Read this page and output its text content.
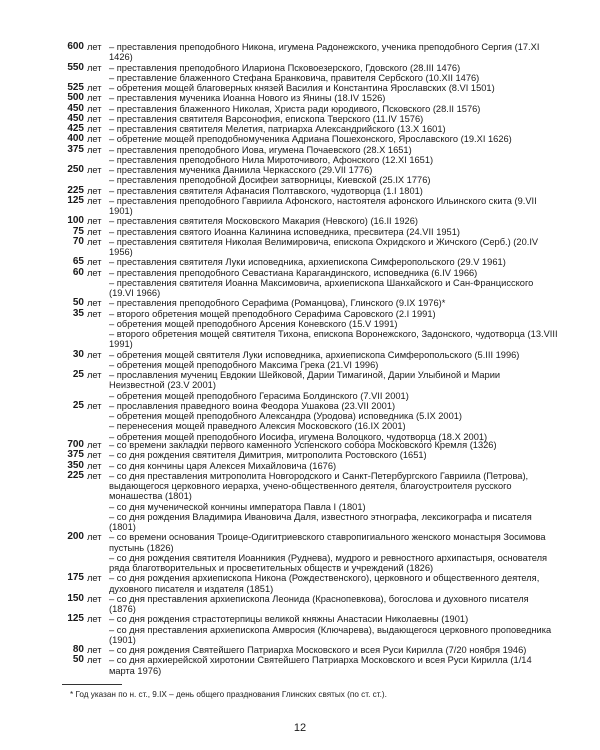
600 лет – преставления преподобного Никона, игумена Радонежского, ученика преподобного Сергия (17.XI 1426)
550 лет – преставления преподобного Илариона Псковоезерского, Гдовского (28.III 1476)
– преставление блаженного Стефана Бранковича, правителя Сербского (10.XII 1476)
525 лет – обретения мощей благоверных князей Василия и Константина Ярославских (8.VI 1501)
500 лет – преставления мученика Иоанна Нового из Янины (18.IV 1526)
450 лет – преставления блаженного Николая, Христа ради юродивого, Псковского (28.II 1576)
450 лет – преставления святителя Варсонофия, епископа Тверского (11.IV 1576)
425 лет – преставления святителя Мелетия, патриарха Александрийского (13.X 1601)
400 лет – обретение мощей преподобномученика Адриана Пошехонского, Ярославского (19.XI 1626)
375 лет – преставления преподобного Иова, игумена Почаевского (28.X 1651)
– преставления преподобного Нила Мироточивого, Афонского (12.XI 1651)
250 лет – преставления мученика Даниила Черкасского (29.VII 1776)
– преставления преподобной Досифеи затворницы, Киевской (25.IX 1776)
225 лет – преставления святителя Афанасия Полтавского, чудотворца (1.I 1801)
125 лет – преставления преподобного Гавриила Афонского, настоятеля афонского Ильинского скита (9.VII 1901)
100 лет – преставления святителя Московского Макария (Невского) (16.II 1926)
75 лет – преставления святого Иоанна Калинина исповедника, пресвитера (24.VII 1951)
70 лет – преставления святителя Николая Велимировича, епископа Охридского и Жичского (Серб.) (20.IV 1956)
65 лет – преставления святителя Луки исповедника, архиепископа Симферопольского (29.V 1961)
60 лет – преставления преподобного Севастиана Карагандинского, исповедника (6.IV 1966)
– преставления святителя Иоанна Максимовича, архиепископа Шанхайского и Сан-Францисского (19.VI 1966)
50 лет – преставления преподобного Серафима (Романцова), Глинского (9.IX 1976)*
35 лет – второго обретения мощей преподобного Серафима Саровского (2.I 1991)
– обретения мощей преподобного Арсения Коневского (15.V 1991)
– второго обретения мощей святителя Тихона, епископа Воронежского, Задонского, чудотворца (13.VIII 1991)
30 лет – обретения мощей святителя Луки исповедника, архиепископа Симферопольского (5.III 1996)
– обретения мощей преподобного Максима Грека (21.VI 1996)
25 лет – прославления мучениц Евдокии Шейковой, Дарии Тимагиной, Дарии Улыбиной и Марии Неизвестной (23.V 2001)
– обретения мощей преподобного Герасима Болдинского (7.VII 2001)
25 лет – прославления праведного воина Феодора Ушакова (23.VII 2001)
– обретения мощей преподобного Александра (Уродова) исповедника (5.IX 2001)
– перенесения мощей праведного Алексия Московского (16.IX 2001)
– обретения мощей преподобного Иосифа, игумена Волоцкого, чудотворца (18.X 2001)
700 лет – со времени закладки первого каменного Успенского собора Московского Кремля (1326)
375 лет – со дня рождения святителя Димитрия, митрополита Ростовского (1651)
350 лет – со дня кончины царя Алексея Михайловича (1676)
225 лет – со дня преставления митрополита Новгородского и Санкт-Петербургского Гавриила (Петрова), выдающегося церковного иерарха, учено-общественного деятеля, благоустроителя русского монашества (1801)
– со дня мученической кончины императора Павла I (1801)
– со дня рождения Владимира Ивановича Даля, известного этнографа, лексикографа и писателя (1801)
200 лет – со времени основания Троице-Одигитриевского ставропигиального женского монастыря Зосимова пустынь (1826)
– со дня рождения святителя Иоанникия (Руднева), мудрого и ревностного архипастыря, основателя ряда благотворительных и просветительных обществ и учреждений (1826)
175 лет – со дня рождения архиепископа Никона (Рождественского), церковного и общественного деятеля, духовного писателя и издателя (1851)
150 лет – со дня преставления архиепископа Леонида (Краснопевкова), богослова и духовного писателя (1876)
125 лет – со дня рождения страстотерпицы великой княжны Анастасии Николаевны (1901)
– со дня преставления архиепископа Амвросия (Ключарева), выдающегося церковного проповедника (1901)
80 лет – со дня рождения Святейшего Патриарха Московского и всея Руси Кирилла (7/20 ноября 1946)
50 лет – со дня архиерейской хиротонии Святейшего Патриарха Московского и всея Руси Кирилла (1/14 марта 1976)
* Год указан по н. ст., 9.IX – день общего празднования Глинских святых (по ст. ст.).
12
